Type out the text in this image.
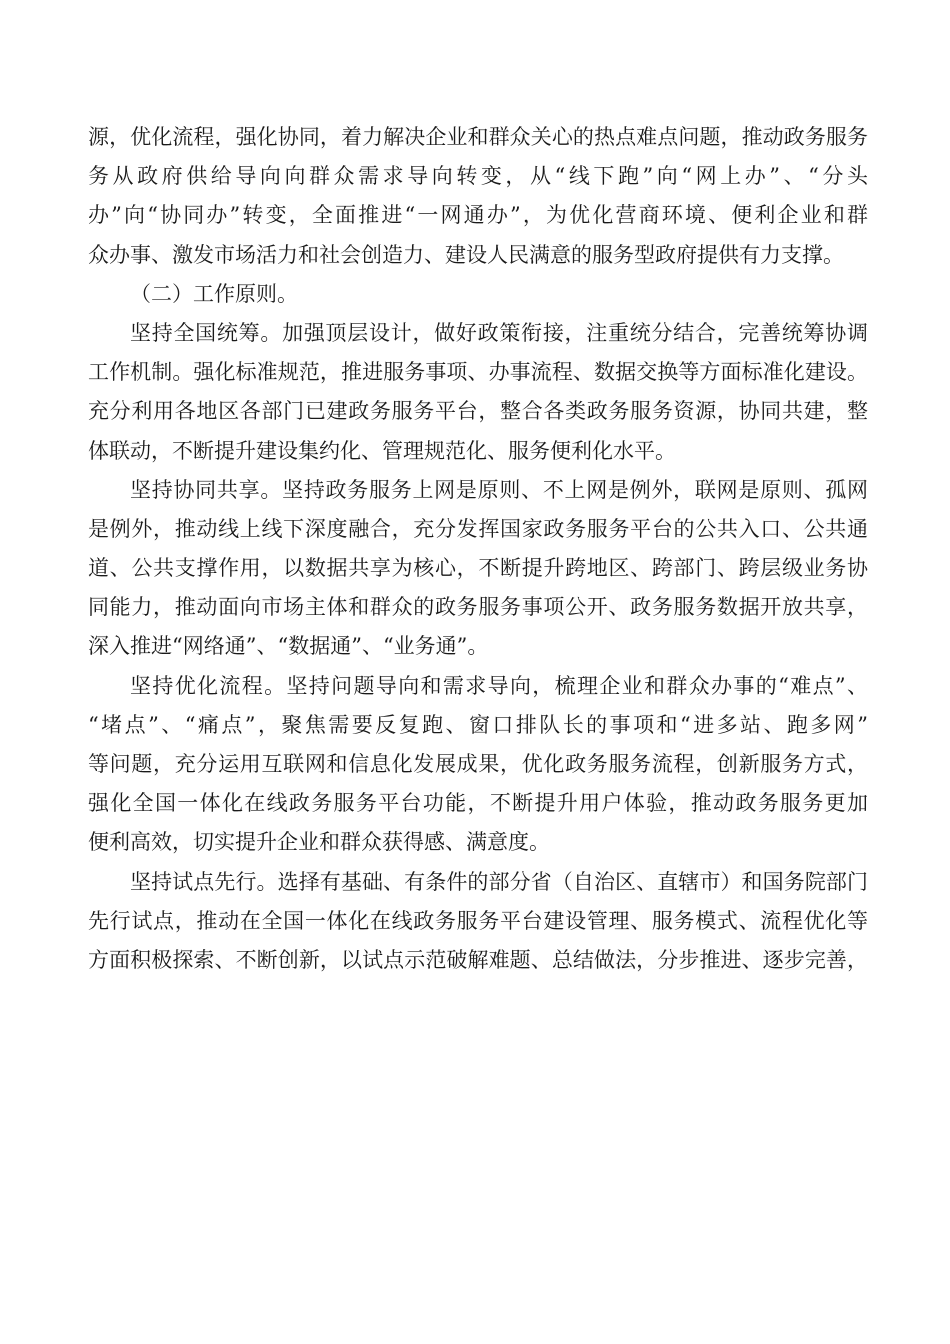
源，优化流程，强化协同，着力解决企业和群众关心的热点难点问题，推动政务服务
务从政府供给导向向群众需求导向转变，从“线下跑”向“网上办”、“分头
办”向“协同办”转变，全面推进“一网通办”，为优化营商环境、便利企业和群
众办事、激发市场活力和社会创造力、建设人民满意的服务型政府提供有力支撑。
（二）工作原则。
坚持全国统筹。加强顶层设计，做好政策衔接，注重统分结合，完善统筹协调
工作机制。强化标准规范，推进服务事项、办事流程、数据交换等方面标准化建设。
充分利用各地区各部门已建政务服务平台，整合各类政务服务资源，协同共建，整
体联动，不断提升建设集约化、管理规范化、服务便利化水平。
坚持协同共享。坚持政务服务上网是原则、不上网是例外，联网是原则、孤网
是例外，推动线上线下深度融合，充分发挥国家政务服务平台的公共入口、公共通
道、公共支撑作用，以数据共享为核心，不断提升跨地区、跨部门、跨层级业务协
同能力，推动面向市场主体和群众的政务服务事项公开、政务服务数据开放共享，
深入推进“网络通”、“数据通”、“业务通”。
坚持优化流程。坚持问题导向和需求导向，梳理企业和群众办事的“难点”、
“堵点”、“痛点”，聚焦需要反复跑、窗口排队长的事项和“进多站、跑多网”
等问题，充分运用互联网和信息化发展成果，优化政务服务流程，创新服务方式，
强化全国一体化在线政务服务平台功能，不断提升用户体验，推动政务服务更加
便利高效，切实提升企业和群众获得感、满意度。
坚持试点先行。选择有基础、有条件的部分省（自治区、直辖市）和国务院部门
先行试点，推动在全国一体化在线政务服务平台建设管理、服务模式、流程优化等
方面积极探索、不断创新，以试点示范破解难题、总结做法，分步推进、逐步完善，
